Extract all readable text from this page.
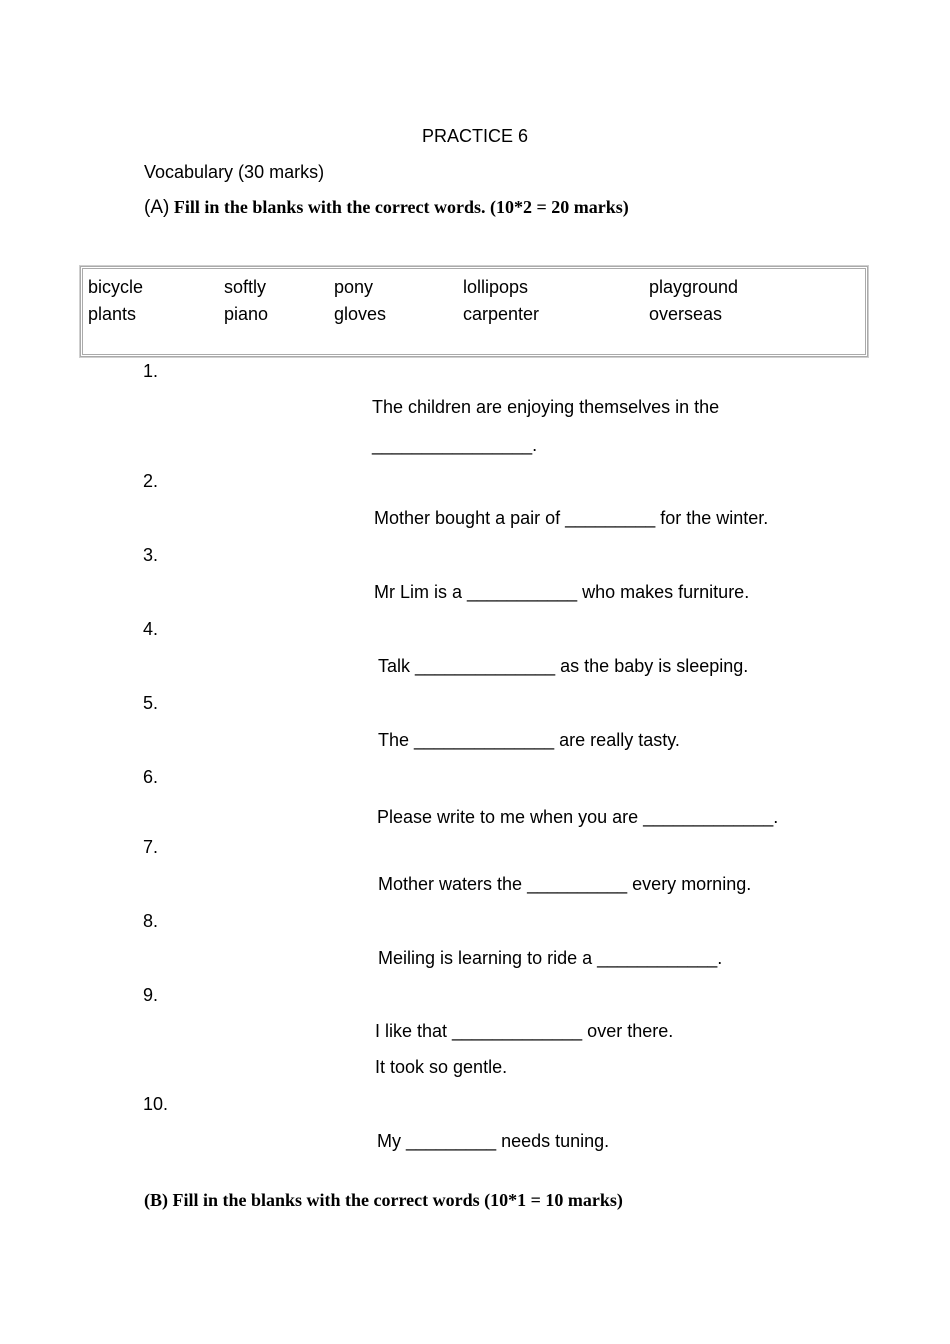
PRACTICE 6
Vocabulary (30 marks)
(A) Fill in the blanks with the correct words. (10*2 = 20 marks)
bicycle	softly	pony	lollipops	playground
plants	piano	gloves	carpenter	overseas
1.
The children are enjoying themselves in the
________________.
2.
Mother bought a pair of _________ for the winter.
3.
Mr Lim is a ___________ who makes furniture.
4.
Talk ______________ as the baby is sleeping.
5.
The ______________ are really tasty.
6.
Please write to me when you are _____________.
7.
Mother waters the __________ every morning.
8.
Meiling is learning to ride a ____________.
9.
I like that _____________ over there.
It took so gentle.
10.
My _________ needs tuning.
(B) Fill in the blanks with the correct words (10*1 = 10 marks)
